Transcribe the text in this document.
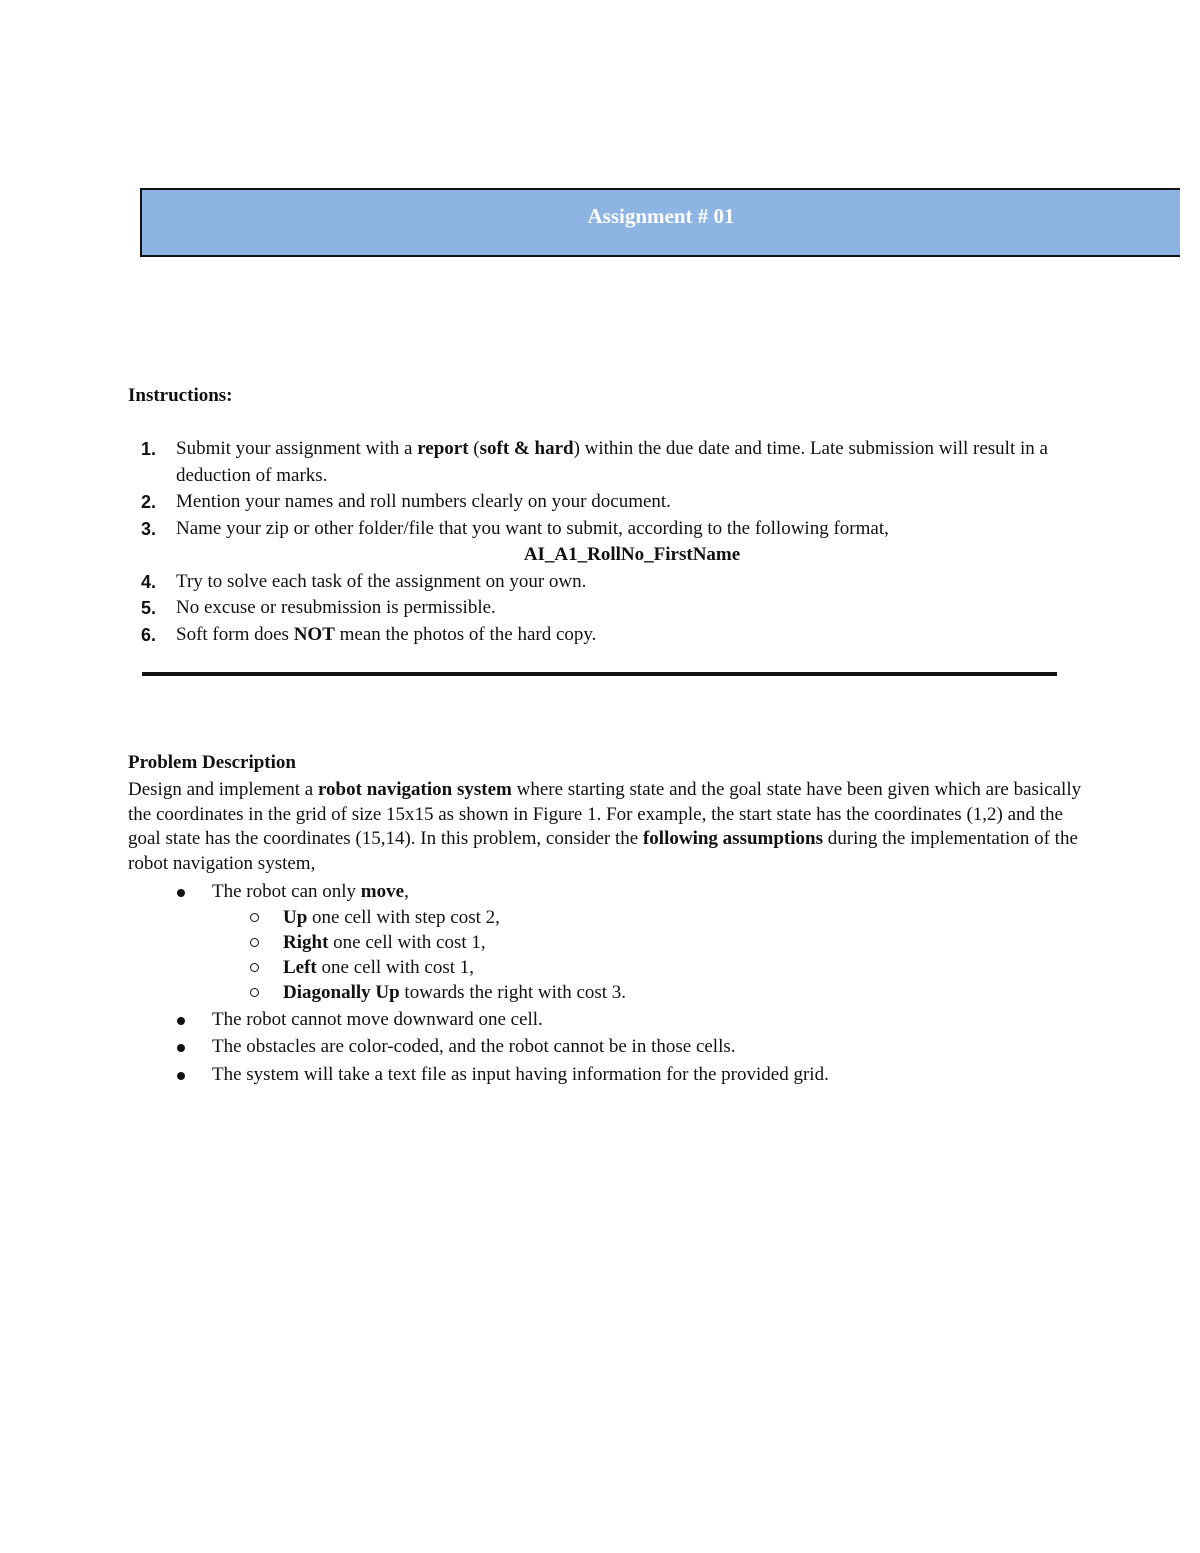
Assignment # 01
Instructions:
1.	Submit your assignment with a report (soft & hard) within the due date and time. Late submission will result in a deduction of marks.
2.	Mention your names and roll numbers clearly on your document.
3.	Name your zip or other folder/file that you want to submit, according to the following format,
AI_A1_RollNo_FirstName
4.	Try to solve each task of the assignment on your own.
5.	No excuse or resubmission is permissible.
6.	Soft form does NOT mean the photos of the hard copy.
Problem Description
Design and implement a robot navigation system where starting state and the goal state have been given which are basically the coordinates in the grid of size 15x15 as shown in Figure 1. For example, the start state has the coordinates (1,2) and the goal state has the coordinates (15,14). In this problem, consider the following assumptions during the implementation of the robot navigation system,
The robot can only move,
Up one cell with step cost 2,
Right one cell with cost 1,
Left one cell with cost 1,
Diagonally Up towards the right with cost 3.
The robot cannot move downward one cell.
The obstacles are color-coded, and the robot cannot be in those cells.
The system will take a text file as input having information for the provided grid.
